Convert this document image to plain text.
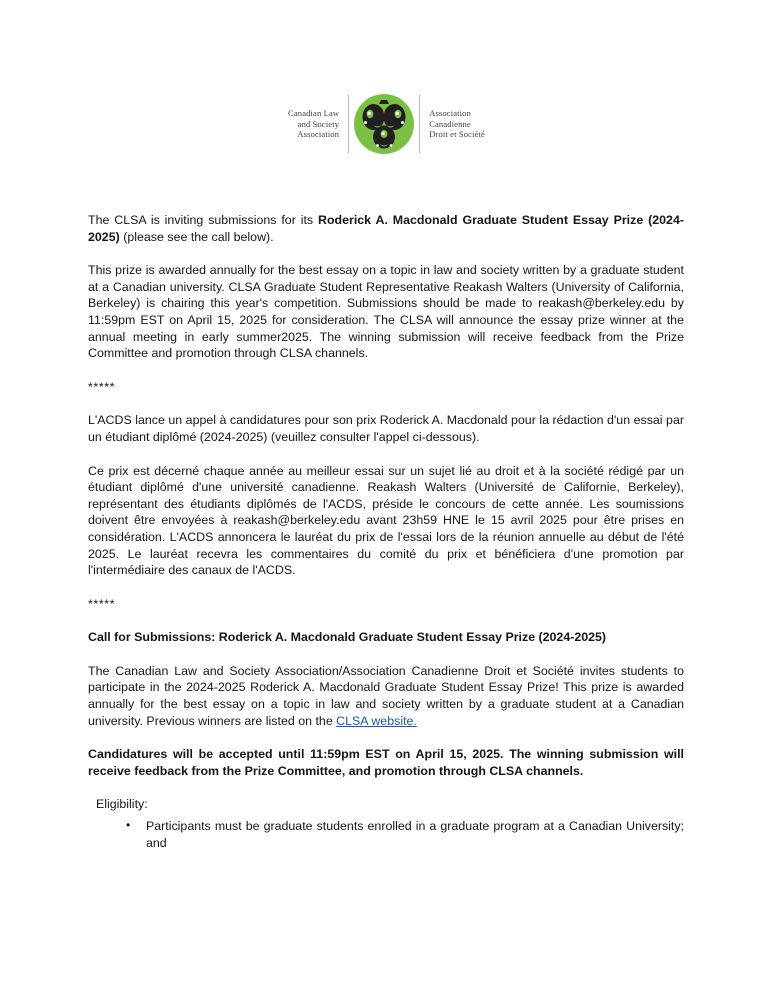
Canadian Law
and Society
Association
Association
Canadienne
Droit et Société

The CLSA is inviting submissions for its Roderick A. Macdonald Graduate Student Essay Prize (2024-2025) (please see the call below).

This prize is awarded annually for the best essay on a topic in law and society written by a graduate student at a Canadian university. CLSA Graduate Student Representative Reakash Walters (University of California, Berkeley) is chairing this year's competition. Submissions should be made to reakash@berkeley.edu by 11:59pm EST on April 15, 2025 for consideration. The CLSA will announce the essay prize winner at the annual meeting in early summer2025. The winning submission will receive feedback from the Prize Committee and promotion through CLSA channels.

*****

L'ACDS lance un appel à candidatures pour son prix Roderick A. Macdonald pour la rédaction d'un essai par un étudiant diplômé (2024-2025) (veuillez consulter l'appel ci-dessous).

Ce prix est décerné chaque année au meilleur essai sur un sujet lié au droit et à la société rédigé par un étudiant diplômé d'une université canadienne. Reakash Walters (Université de Californie, Berkeley), représentant des étudiants diplômés de l'ACDS, préside le concours de cette année. Les soumissions doivent être envoyées à reakash@berkeley.edu avant 23h59 HNE le 15 avril 2025 pour être prises en considération. L'ACDS annoncera le lauréat du prix de l'essai lors de la réunion annuelle au début de l'été 2025. Le lauréat recevra les commentaires du comité du prix et bénéficiera d'une promotion par l'intermédiaire des canaux de l'ACDS.

*****

Call for Submissions: Roderick A. Macdonald Graduate Student Essay Prize (2024-2025)

The Canadian Law and Society Association/Association Canadienne Droit et Société invites students to participate in the 2024-2025 Roderick A. Macdonald Graduate Student Essay Prize! This prize is awarded annually for the best essay on a topic in law and society written by a graduate student at a Canadian university. Previous winners are listed on the CLSA website.

Candidatures will be accepted until 11:59pm EST on April 15, 2025. The winning submission will receive feedback from the Prize Committee, and promotion through CLSA channels.

Eligibility:

• Participants must be graduate students enrolled in a graduate program at a Canadian University; and
